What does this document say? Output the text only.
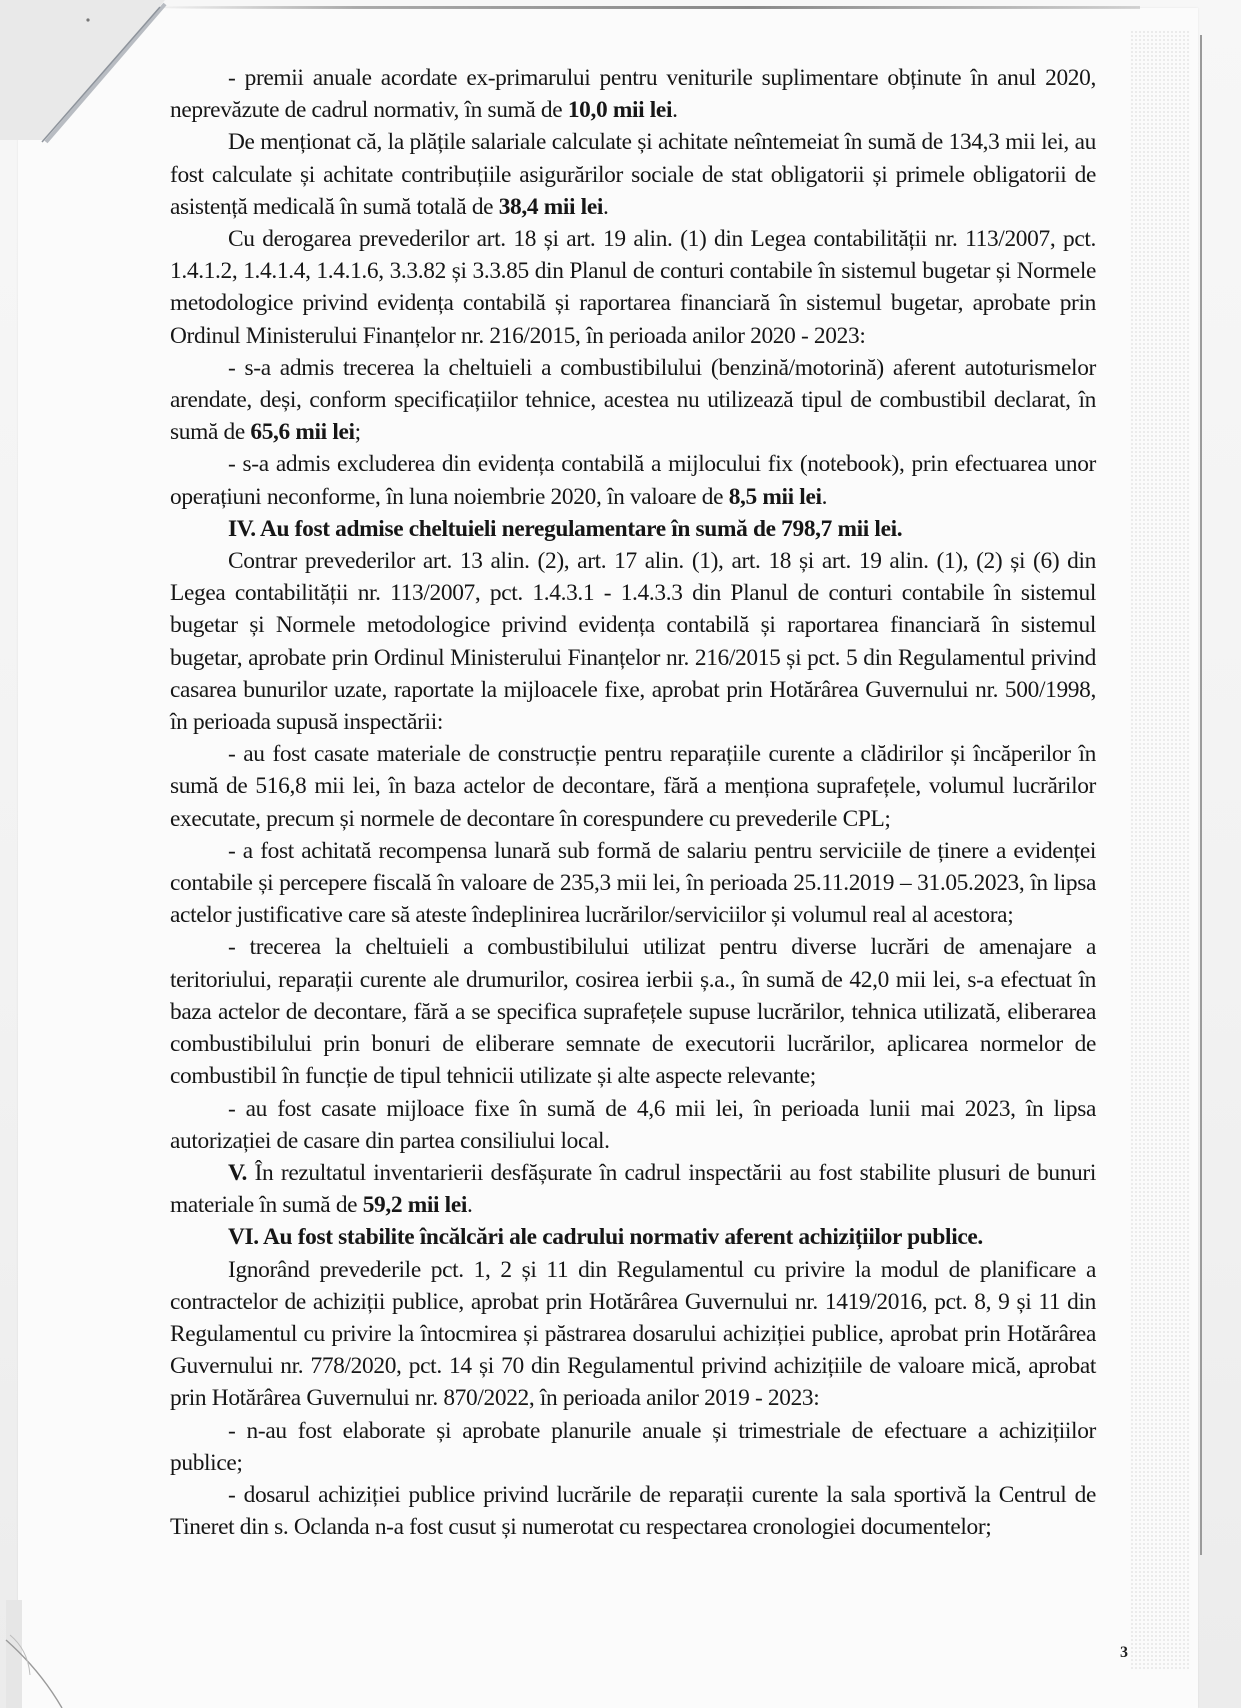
- premii anuale acordate ex-primarului pentru veniturile suplimentare obținute în anul 2020, neprevăzute de cadrul normativ, în sumă de 10,0 mii lei.

De menționat că, la plățile salariale calculate și achitate neîntemeiat în sumă de 134,3 mii lei, au fost calculate și achitate contribuțiile asigurărilor sociale de stat obligatorii și primele obligatorii de asistență medicală în sumă totală de 38,4 mii lei.

Cu derogarea prevederilor art. 18 și art. 19 alin. (1) din Legea contabilității nr. 113/2007, pct. 1.4.1.2, 1.4.1.4, 1.4.1.6, 3.3.82 și 3.3.85 din Planul de conturi contabile în sistemul bugetar și Normele metodologice privind evidența contabilă și raportarea financiară în sistemul bugetar, aprobate prin Ordinul Ministerului Finanțelor nr. 216/2015, în perioada anilor 2020 - 2023:

- s-a admis trecerea la cheltuieli a combustibilului (benzină/motorină) aferent autoturismelor arendate, deși, conform specificațiilor tehnice, acestea nu utilizează tipul de combustibil declarat, în sumă de 65,6 mii lei;

- s-a admis excluderea din evidența contabilă a mijlocului fix (notebook), prin efectuarea unor operațiuni neconforme, în luna noiembrie 2020, în valoare de 8,5 mii lei.

IV. Au fost admise cheltuieli neregulamentare în sumă de 798,7 mii lei.

Contrar prevederilor art. 13 alin. (2), art. 17 alin. (1), art. 18 și art. 19 alin. (1), (2) și (6) din Legea contabilității nr. 113/2007, pct. 1.4.3.1 - 1.4.3.3 din Planul de conturi contabile în sistemul bugetar și Normele metodologice privind evidența contabilă și raportarea financiară în sistemul bugetar, aprobate prin Ordinul Ministerului Finanțelor nr. 216/2015 și pct. 5 din Regulamentul privind casarea bunurilor uzate, raportate la mijloacele fixe, aprobat prin Hotărârea Guvernului nr. 500/1998, în perioada supusă inspectării:

- au fost casate materiale de construcție pentru reparațiile curente a clădirilor și încăperilor în sumă de 516,8 mii lei, în baza actelor de decontare, fără a menționa suprafețele, volumul lucrărilor executate, precum și normele de decontare în corespundere cu prevederile CPL;

- a fost achitată recompensa lunară sub formă de salariu pentru serviciile de ținere a evidenței contabile și percepere fiscală în valoare de 235,3 mii lei, în perioada 25.11.2019 – 31.05.2023, în lipsa actelor justificative care să ateste îndeplinirea lucrărilor/serviciilor și volumul real al acestora;

- trecerea la cheltuieli a combustibilului utilizat pentru diverse lucrări de amenajare a teritoriului, reparații curente ale drumurilor, cosirea ierbii ș.a., în sumă de 42,0 mii lei, s-a efectuat în baza actelor de decontare, fără a se specifica suprafețele supuse lucrărilor, tehnica utilizată, eliberarea combustibilului prin bonuri de eliberare semnate de executorii lucrărilor, aplicarea normelor de combustibil în funcție de tipul tehnicii utilizate și alte aspecte relevante;

- au fost casate mijloace fixe în sumă de 4,6 mii lei, în perioada lunii mai 2023, în lipsa autorizației de casare din partea consiliului local.

V. În rezultatul inventarierii desfășurate în cadrul inspectării au fost stabilite plusuri de bunuri materiale în sumă de 59,2 mii lei.

VI. Au fost stabilite încălcări ale cadrului normativ aferent achizițiilor publice.

Ignorând prevederile pct. 1, 2 și 11 din Regulamentul cu privire la modul de planificare a contractelor de achiziții publice, aprobat prin Hotărârea Guvernului nr. 1419/2016, pct. 8, 9 și 11 din Regulamentul cu privire la întocmirea și păstrarea dosarului achiziției publice, aprobat prin Hotărârea Guvernului nr. 778/2020, pct. 14 și 70 din Regulamentul privind achizițiile de valoare mică, aprobat prin Hotărârea Guvernului nr. 870/2022, în perioada anilor 2019 - 2023:

- n-au fost elaborate și aprobate planurile anuale și trimestriale de efectuare a achizițiilor publice;

- dosarul achiziției publice privind lucrările de reparații curente la sala sportivă la Centrul de Tineret din s. Oclanda n-a fost cusut și numerotat cu respectarea cronologiei documentelor;

3
